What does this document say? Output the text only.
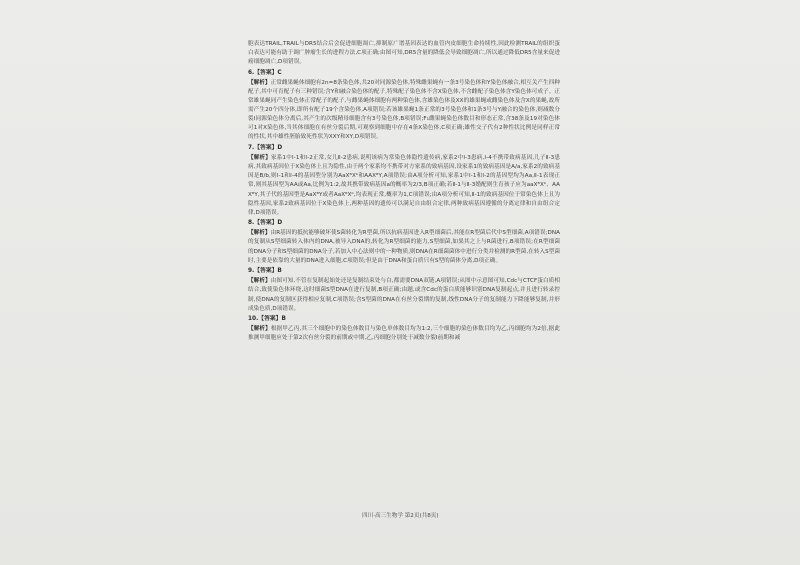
胞表达TRAIL,TRAIL与DR5结合后会促进细胞凋亡,抑制原广谱基因表达的血管内皮细胞生命持续性,因此检测TRAIL的组织蛋白表达可能有助于调广肿瘤生长的进程方法,C项正确;由图可知,DR5含量的降低会导致细胞凋亡,所以通过降低DR5含量来促进癌细胞凋亡,D项错误。
6.【答案】C
【解析】正常雌果蝇体细胞有2n=8条染色体,共20对同源染色体,特殊雌果蝇有一条3号染色体和Y染色体融合,相互关产生四种配子,其中可育配子有三种错误;含Y和融合染色体的配子,特殊配子染色体不含X染色体,不含雌配子染色体含Y染色体可成子。正常雄果蝇同产生染色体正常配子的配子,与雌果蝇体细胞有两种染色体,含雄染色体及XX的雄果蝇或雌染色体及含X的果蝇,故所需产生20个四分体,即所有配子19个含染色体,A项错误;若该雄果蝇1条正常的3号染色体和1条3号与Y融合的染色体,则减数分裂I同源染色体分离后,其产生的次级精母细胞含有3号染色体,B项错误;F₁雌果蝇染色体数目和形态正常,含38条及19对染色体可1对X染色体,当其体细胞在有丝分裂后期,可观察到细胞中存在4条X染色体,C项正确;雄性交子代有2种性状比例是同样正常的性状,其中雄性胚胎致死性状为XXY和XY,D项错误。
7.【答案】D
【解析】家系1中Ⅰ-1和Ⅰ-2正常,女儿Ⅱ-2患病,说明该病为常染色体隐性遗传病,家系2中Ⅰ-3患病,Ⅰ-4不携带致病基因,儿子Ⅱ-3患病,其致病基因位于X染色体上且为隐性,由于两个家系均不携带对方家系的致病基因,设家系1的致病基因是A/a,家系2的致病基因是B/b,则Ⅰ-1和Ⅰ-4的基因型分别为AaXᴮXᵇ和AAXᴮY,A项错误;由A项分析可知,家系1中Ⅰ-1和Ⅰ-2的基因型均为Aa,Ⅱ-1表现正常,则其基因型为AA或Aa,比例为1:2,故其携带致病基因a的概率为2/3,B项正确;若Ⅱ-1与Ⅱ-3婚配则生育孩子应为aaXᴮXᵇ、AAXᴮY,其子代的基因型是AaXᴮY或者AaXᴮXᵇ,均表现正常,概率为1,C项错误;由A项分析可知,Ⅱ-1的致病基因位于常染色体上且为隐性基因,家系2致病基因位于X染色体上,两种基因的遗传可以满足自由组合定律,两种致病基因遵循的分离定律和自由组合定律,D项错误。
8.【答案】D
【解析】由R基因的抵抗能够破坏使S菌转化为R型菌,所以抗病基因进入R型细菌后,其能在R型菌后代中S型细菌,A项错误;DNA的复制从S型细菌转入体内的DNA,被导入DNA的,转化为R型细菌的能力,S型细菌,如果其之上与R菌进行,B项错误;在R型细菌的DNA分子和S型细菌的DNA分子,若加入中心法则中的一种物质,则DNA在R细菌菌体中进行分类并检测的R型菌,在转入S型菌时,主要是依靠的大量的DNA进入细胞,C项错误;但是由于DNA和蛋白质只有S型的菌体分离,D项正确。
9.【答案】B
【解析】由图可知,不管在复制起始处还是复制结束处与白,都需要DNA双链,A项错误;从图中示意图可知,Cdc与CTCF蛋白质相结合,致使染色体环绕,这时细菌S型DNA在进行复制,B项正确;由题,或含Cdc的蛋白质能够识别DNA复制起点,并且进行转录控制,使DNA的复制区获得相应复制,C项错误;含S型菌的DNA在有丝分裂期的复制,线性DNA分子的复制能力下降能够复制,并形成染色质,D项错误。
10.【答案】B
【解析】根据甲乙丙,其三个细胞中的染色体数目与染色单体数目均为1:2,三个细胞的染色体数目均为乙,丙细胞均为2倍,据此推测甲细胞应处于第2次有丝分裂的前期或中期,乙,丙细胞分别处于减数分裂I前期和减
四川·高三生物学 第2页(共8页)
